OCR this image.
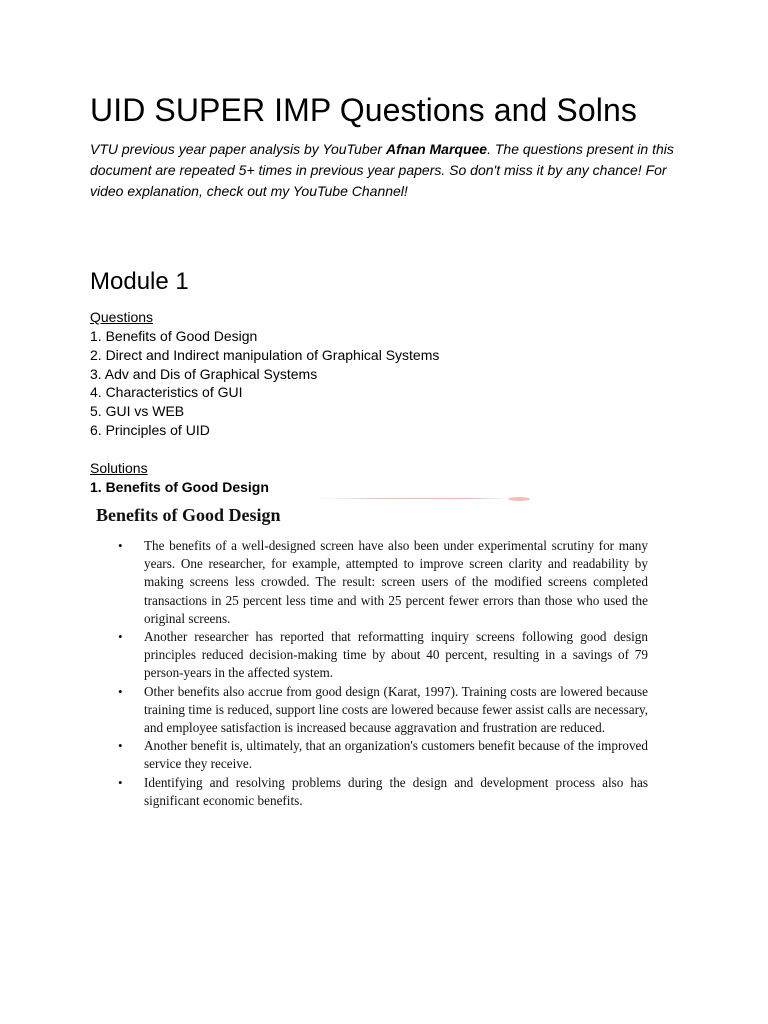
UID SUPER IMP Questions and Solns

VTU previous year paper analysis by YouTuber Afnan Marquee. The questions present in this document are repeated 5+ times in previous year papers. So don't miss it by any chance! For video explanation, check out my YouTube Channel!

Module 1
Questions
1. Benefits of Good Design
2. Direct and Indirect manipulation of Graphical Systems
3. Adv and Dis of Graphical Systems
4. Characteristics of GUI
5. GUI vs WEB
6. Principles of UID
Solutions
1. Benefits of Good Design
Benefits of Good Design
• The benefits of a well-designed screen have also been under experimental scrutiny for many years. One researcher, for example, attempted to improve screen clarity and readability by making screens less crowded. The result: screen users of the modified screens completed transactions in 25 percent less time and with 25 percent fewer errors than those who used the original screens.
• Another researcher has reported that reformatting inquiry screens following good design principles reduced decision-making time by about 40 percent, resulting in a savings of 79 person-years in the affected system.
• Other benefits also accrue from good design (Karat, 1997). Training costs are lowered because training time is reduced, support line costs are lowered because fewer assist calls are necessary, and employee satisfaction is increased because aggravation and frustration are reduced.
• Another benefit is, ultimately, that an organization's customers benefit because of the improved service they receive.
• Identifying and resolving problems during the design and development process also has significant economic benefits.
